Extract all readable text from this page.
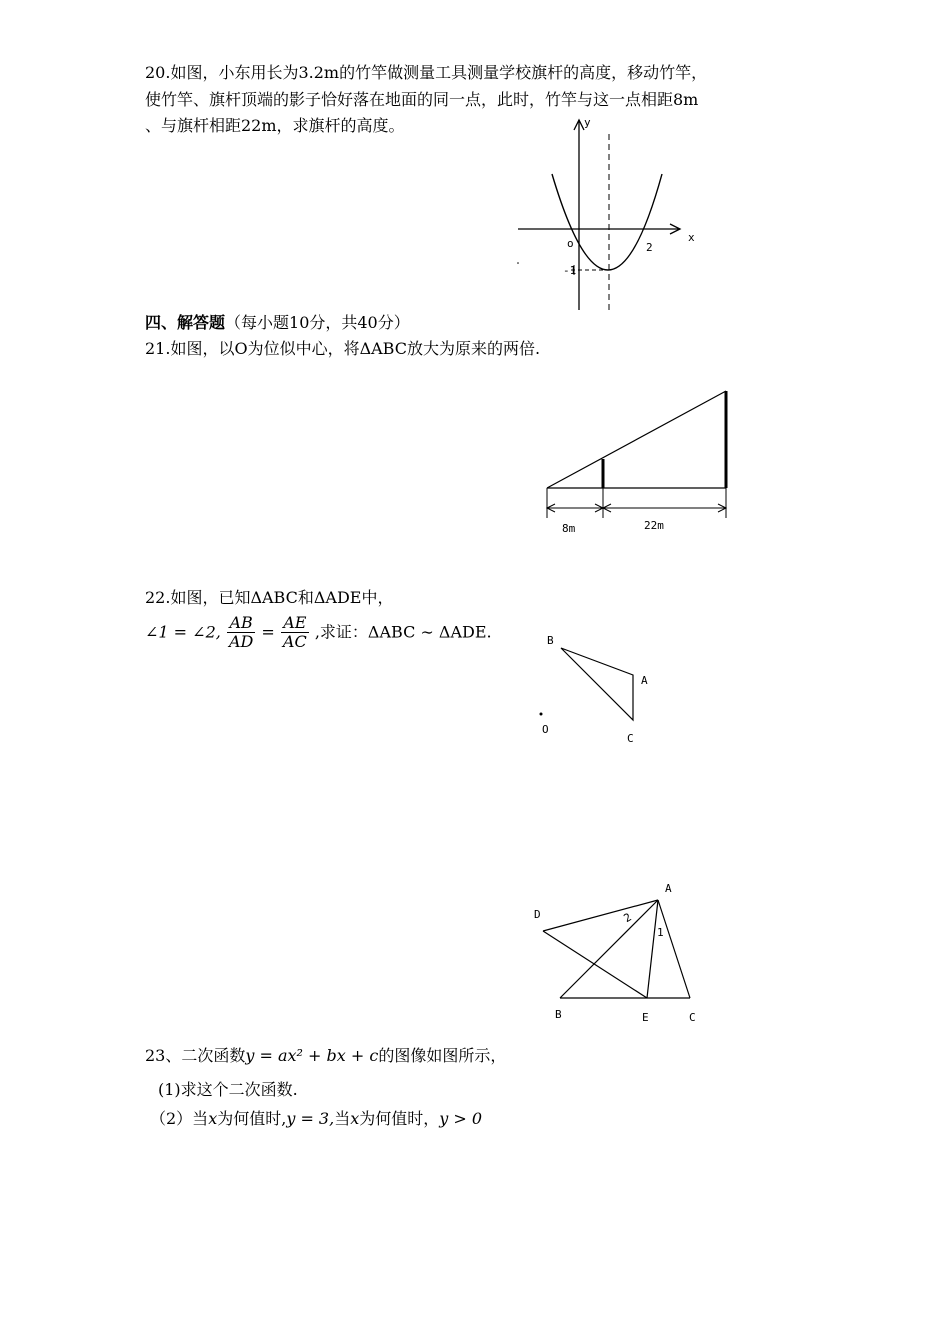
20.如图，小东用长为3.2m的竹竿做测量工具测量学校旗杆的高度，移动竹竿，
使竹竿、旗杆顶端的影子恰好落在地面的同一点，此时，竹竿与这一点相距8m
、与旗杆相距22m，求旗杆的高度。	y
x
o	2
-1
四、解答题（每小题10分，共40分）
21.如图，以O为位似中心，将ΔABC放大为原来的两倍.
8m	22m
22.如图，已知ΔABC和ΔADE中，
∠1 = ∠2, $\frac{AB}{AD} = \frac{AE}{AC}$ ,求证：ΔABC ∼ ΔADE.	B
A
C
O
A
D
B	E	C
2
1
23、二次函数y = ax² + bx + c的图像如图所示，
(1)求这个二次函数.
（2）当x为何值时,y = 3,当x为何值时，y > 0
